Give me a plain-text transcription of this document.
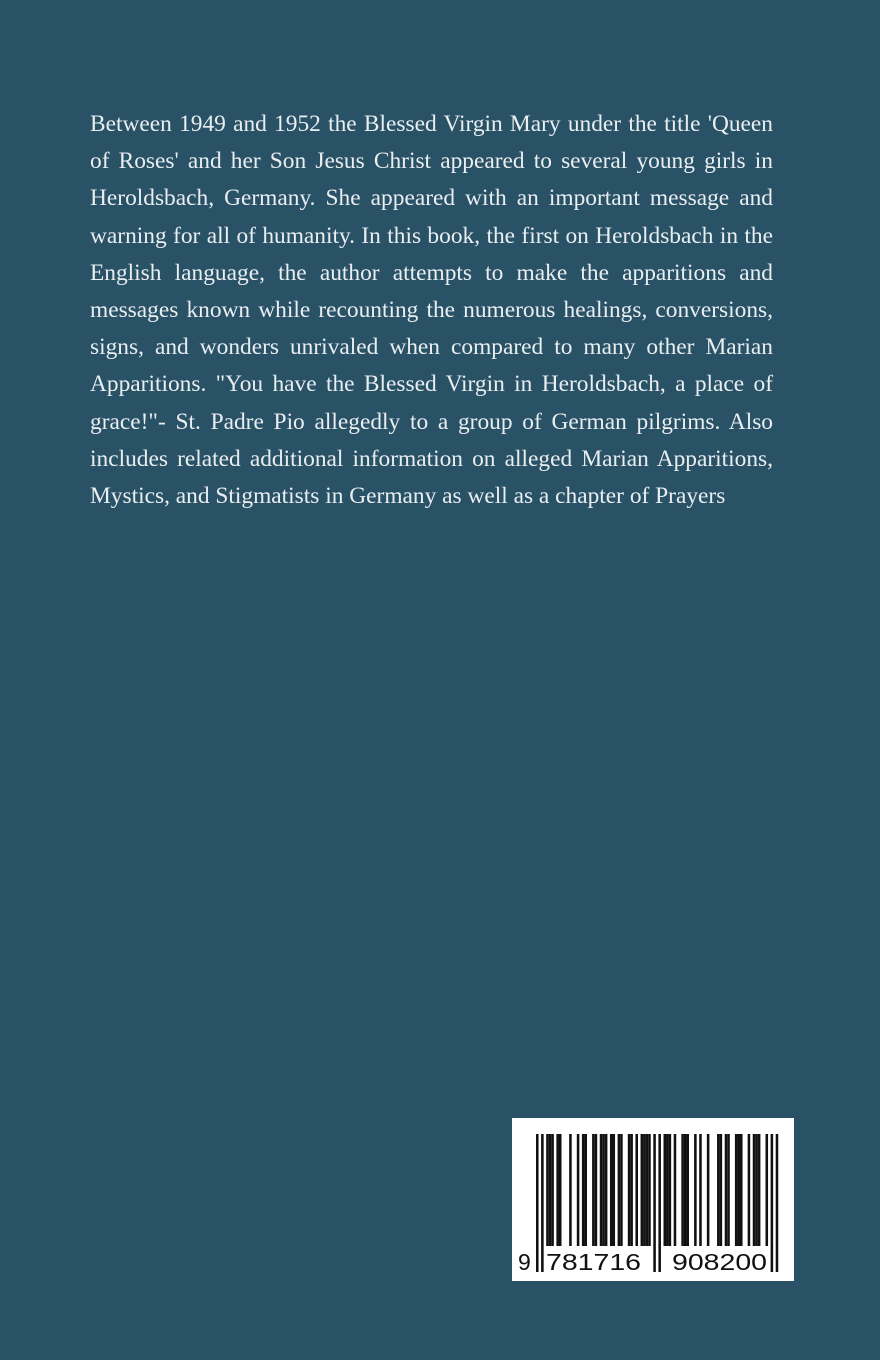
Between 1949 and 1952 the Blessed Virgin Mary under the title 'Queen of Roses' and her Son Jesus Christ appeared to several young girls in Heroldsbach, Germany. She appeared with an important message and warning for all of humanity. In this book, the first on Heroldsbach in the English language, the author attempts to make the apparitions and messages known while recounting the numerous healings, conversions, signs, and wonders unrivaled when compared to many other Marian Apparitions. "You have the Blessed Virgin in Heroldsbach, a place of grace!"- St. Padre Pio allegedly to a group of German pilgrims. Also includes related additional information on alleged Marian Apparitions, Mystics, and Stigmatists in Germany as well as a chapter of Prayers

9 781716 908200
